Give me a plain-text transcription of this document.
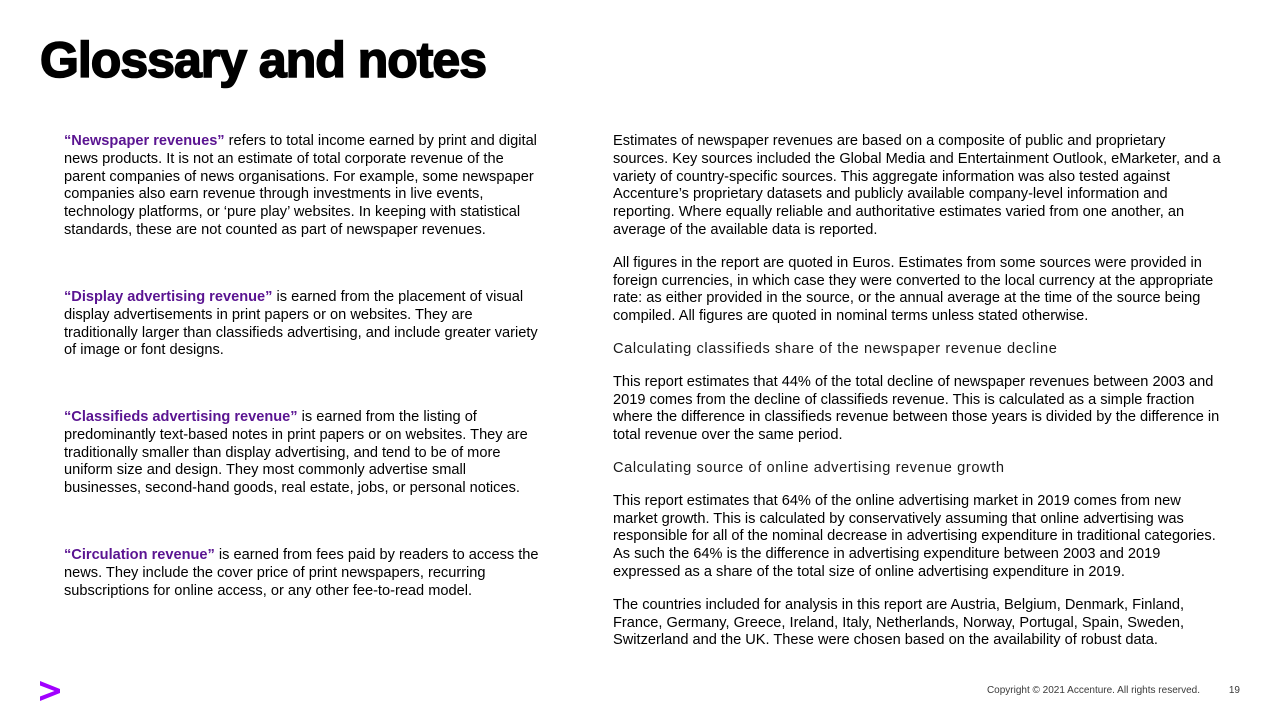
Glossary and notes

“Newspaper revenues” refers to total income earned by print and digital news products. It is not an estimate of total corporate revenue of the parent companies of news organisations. For example, some newspaper companies also earn revenue through investments in live events, technology platforms, or ‘pure play’ websites. In keeping with statistical standards, these are not counted as part of newspaper revenues.

“Display advertising revenue” is earned from the placement of visual display advertisements in print papers or on websites. They are traditionally larger than classifieds advertising, and include greater variety of image or font designs.

“Classifieds advertising revenue” is earned from the listing of predominantly text-based notes in print papers or on websites. They are traditionally smaller than display advertising, and tend to be of more uniform size and design. They most commonly advertise small businesses, second-hand goods, real estate, jobs, or personal notices.

“Circulation revenue” is earned from fees paid by readers to access the news. They include the cover price of print newspapers, recurring subscriptions for online access, or any other fee-to-read model.

Estimates of newspaper revenues are based on a composite of public and proprietary sources. Key sources included the Global Media and Entertainment Outlook, eMarketer, and a variety of country-specific sources. This aggregate information was also tested against Accenture’s proprietary datasets and publicly available company-level information and reporting. Where equally reliable and authoritative estimates varied from one another, an average of the available data is reported.

All figures in the report are quoted in Euros. Estimates from some sources were provided in foreign currencies, in which case they were converted to the local currency at the appropriate rate: as either provided in the source, or the annual average at the time of the source being compiled. All figures are quoted in nominal terms unless stated otherwise.

Calculating classifieds share of the newspaper revenue decline

This report estimates that 44% of the total decline of newspaper revenues between 2003 and 2019 comes from the decline of classifieds revenue. This is calculated as a simple fraction where the difference in classifieds revenue between those years is divided by the difference in total revenue over the same period.

Calculating source of online advertising revenue growth

This report estimates that 64% of the online advertising market in 2019 comes from new market growth. This is calculated by conservatively assuming that online advertising was responsible for all of the nominal decrease in advertising expenditure in traditional categories. As such the 64% is the difference in advertising expenditure between 2003 and 2019 expressed as a share of the total size of online advertising expenditure in 2019.

The countries included for analysis in this report are Austria, Belgium, Denmark, Finland, France, Germany, Greece, Ireland, Italy, Netherlands, Norway, Portugal, Spain, Sweden, Switzerland and the UK. These were chosen based on the availability of robust data.

Copyright © 2021 Accenture. All rights reserved.	19
